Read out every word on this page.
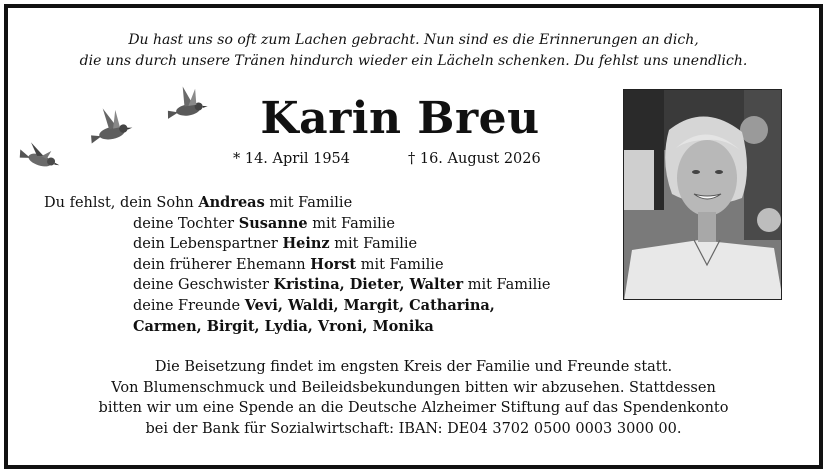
Du hast uns so oft zum Lachen gebracht. Nun sind es die Erinnerungen an dich,
die uns durch unsere Tränen hindurch wieder ein Lächeln schenken. Du fehlst uns unendlich.
Karin Breu
* 14. April 1954	† 16. August 2026
Du fehlst, dein Sohn Andreas mit Familie
deine Tochter Susanne mit Familie
dein Lebenspartner Heinz mit Familie
dein früherer Ehemann Horst mit Familie
deine Geschwister Kristina, Dieter, Walter mit Familie
deine Freunde Vevi, Waldi, Margit, Catharina,
Carmen, Birgit, Lydia, Vroni, Monika
Die Beisetzung findet im engsten Kreis der Familie und Freunde statt.
Von Blumenschmuck und Beileidsbekundungen bitten wir abzusehen. Stattdessen
bitten wir um eine Spende an die Deutsche Alzheimer Stiftung auf das Spendenkonto
bei der Bank für Sozialwirtschaft: IBAN: DE04 3702 0500 0003 3000 00.
